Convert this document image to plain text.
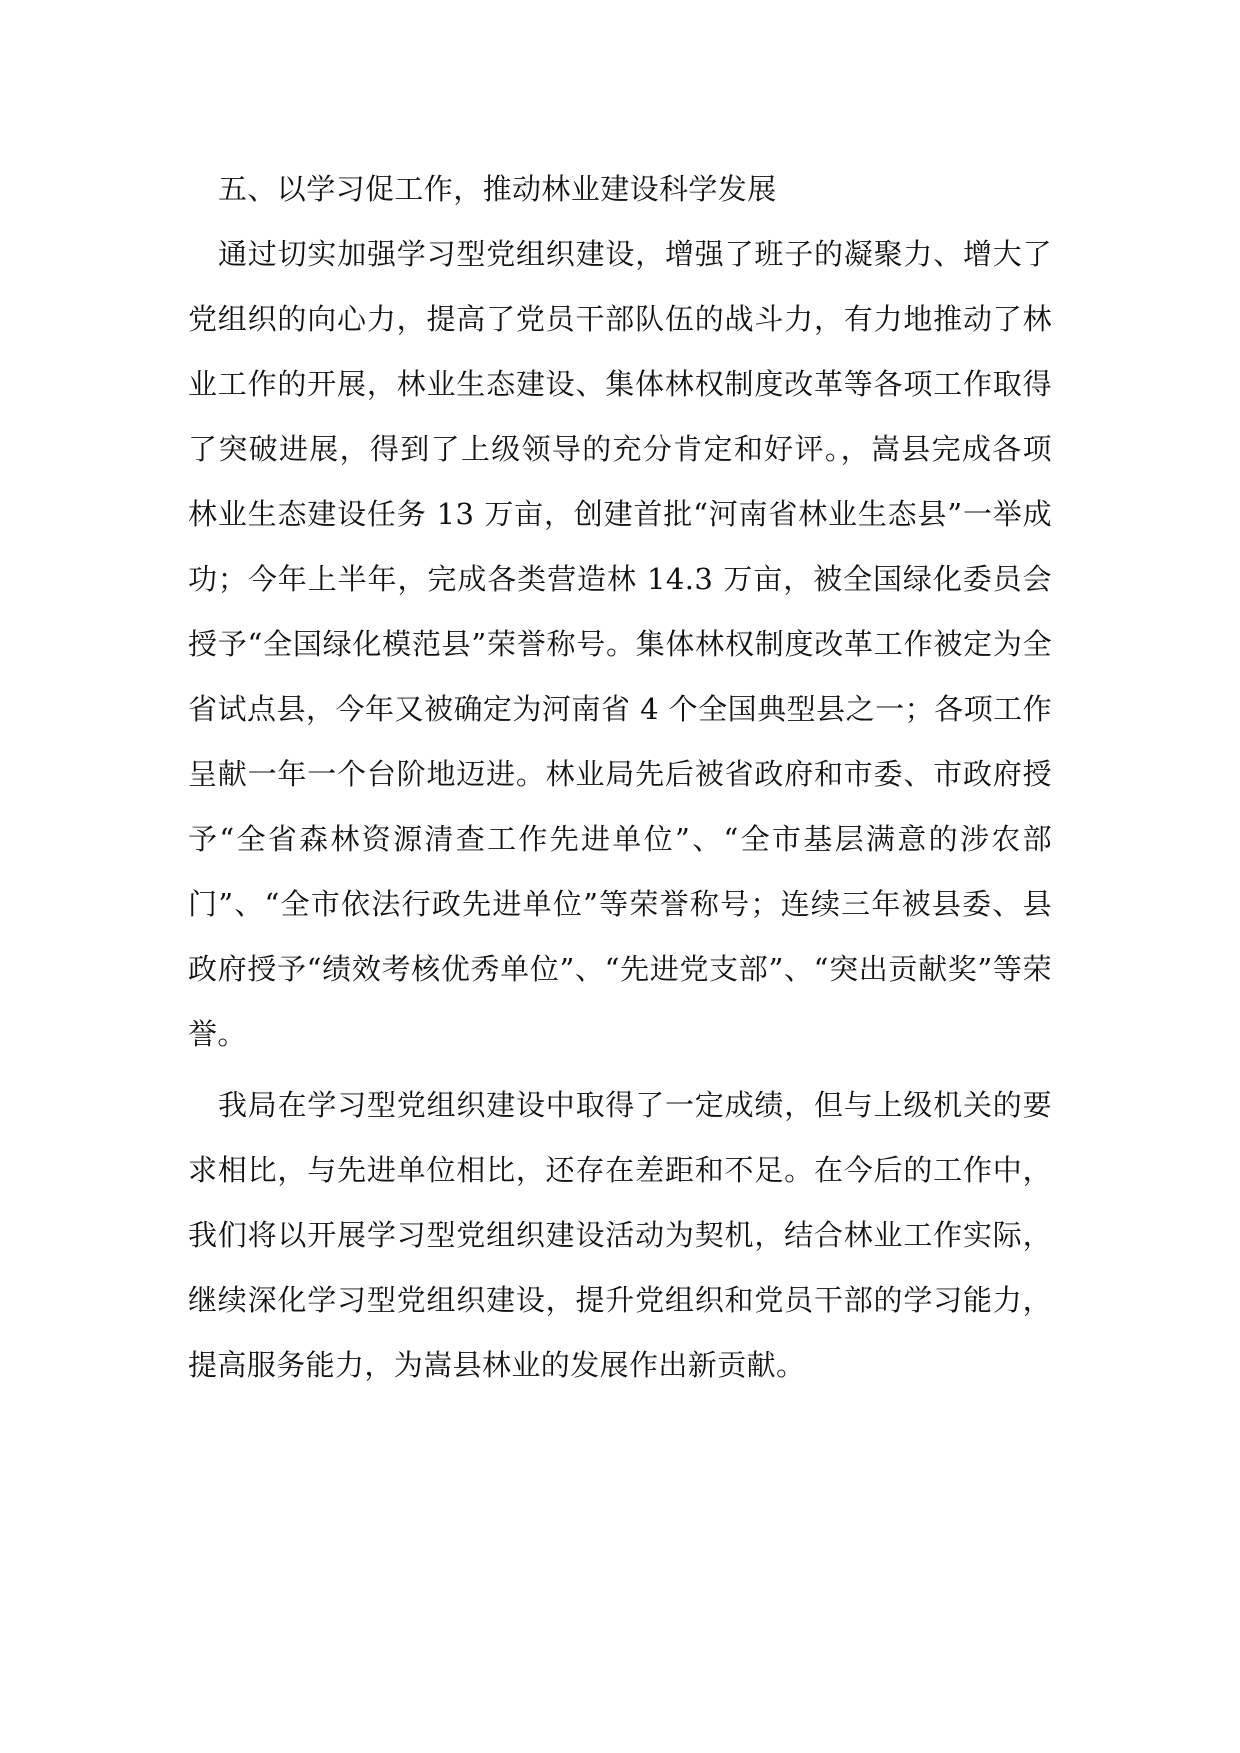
五、以学习促工作，推动林业建设科学发展

通过切实加强学习型党组织建设，增强了班子的凝聚力、增大了党组织的向心力，提高了党员干部队伍的战斗力，有力地推动了林业工作的开展，林业生态建设、集体林权制度改革等各项工作取得了突破进展，得到了上级领导的充分肯定和好评。，嵩县完成各项林业生态建设任务 13 万亩，创建首批“河南省林业生态县”一举成功；今年上半年，完成各类营造林 14.3 万亩，被全国绿化委员会授予“全国绿化模范县”荣誉称号。集体林权制度改革工作被定为全省试点县，今年又被确定为河南省 4 个全国典型县之一；各项工作呈献一年一个台阶地迈进。林业局先后被省政府和市委、市政府授予“全省森林资源清查工作先进单位”、“全市基层满意的涉农部门”、“全市依法行政先进单位”等荣誉称号；连续三年被县委、县政府授予“绩效考核优秀单位”、“先进党支部”、“突出贡献奖”等荣誉。

我局在学习型党组织建设中取得了一定成绩，但与上级机关的要求相比，与先进单位相比，还存在差距和不足。在今后的工作中，我们将以开展学习型党组织建设活动为契机，结合林业工作实际，继续深化学习型党组织建设，提升党组织和党员干部的学习能力，提高服务能力，为嵩县林业的发展作出新贡献。
